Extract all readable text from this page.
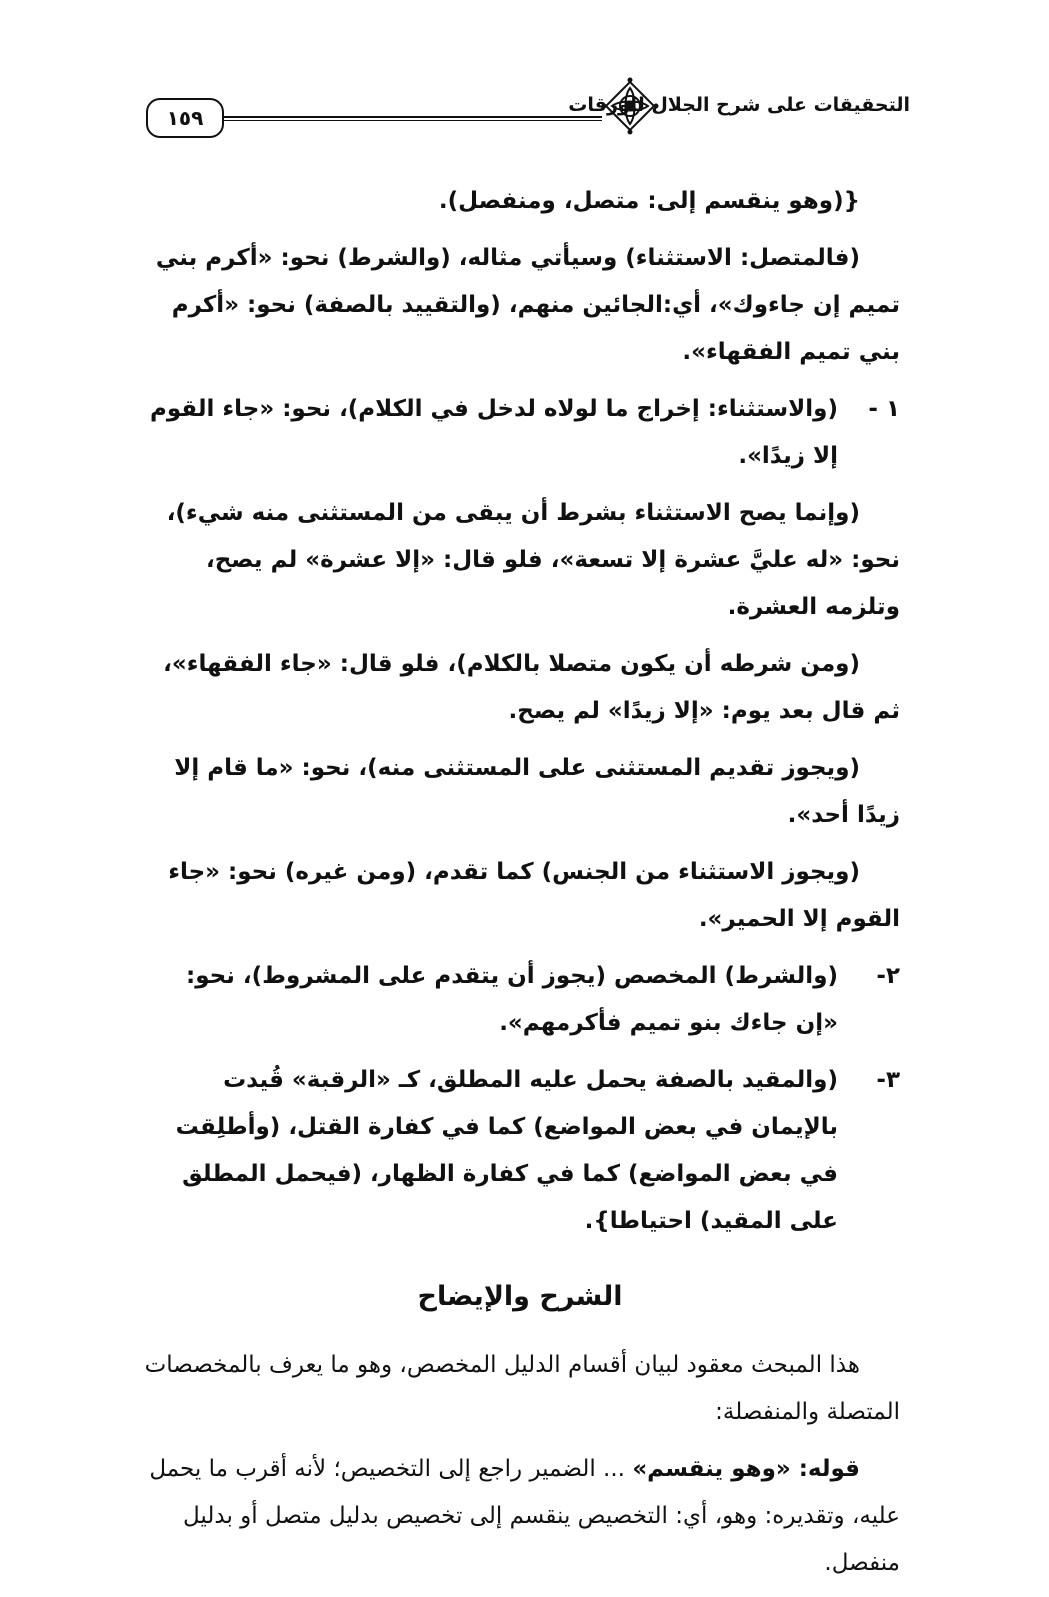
١٥٩
التحقيقات على شرح الجلال للورقات

{(وهو ينقسم إلى: متصل، ومنفصل).

(فالمتصل: الاستثناء) وسيأتي مثاله، (والشرط) نحو: «أكرم بني تميم إن جاءوك»، أي:الجائين منهم، (والتقييد بالصفة) نحو: «أكرم بني تميم الفقهاء».

١ -
(والاستثناء: إخراج ما لولاه لدخل في الكلام)، نحو: «جاء القوم إلا زيدًا».

(وإنما يصح الاستثناء بشرط أن يبقى من المستثنى منه شيء)، نحو: «له عليَّ عشرة إلا تسعة»، فلو قال: «إلا عشرة» لم يصح، وتلزمه العشرة.

(ومن شرطه أن يكون متصلا بالكلام)، فلو قال: «جاء الفقهاء»، ثم قال بعد يوم: «إلا زيدًا» لم يصح.

(ويجوز تقديم المستثنى على المستثنى منه)، نحو: «ما قام إلا زيدًا أحد».

(ويجوز الاستثناء من الجنس) كما تقدم، (ومن غيره) نحو: «جاء القوم إلا الحمير».

٢-
(والشرط) المخصص (يجوز أن يتقدم على المشروط)، نحو: «إن جاءك بنو تميم فأكرمهم».
٣-
(والمقيد بالصفة يحمل عليه المطلق، كـ «الرقبة» قُيدت بالإيمان في بعض المواضع) كما في كفارة القتل، (وأطلِقت في بعض المواضع) كما في كفارة الظهار، (فيحمل المطلق على المقيد) احتياطا}.
الشرح والإيضاح

هذا المبحث معقود لبيان أقسام الدليل المخصص، وهو ما يعرف بالمخصصات المتصلة والمنفصلة:

قوله: «وهو ينقسم» ... الضمير راجع إلى التخصيص؛ لأنه أقرب ما يحمل عليه، وتقديره: وهو، أي: التخصيص ينقسم إلى تخصيص بدليل متصل أو بدليل منفصل.
